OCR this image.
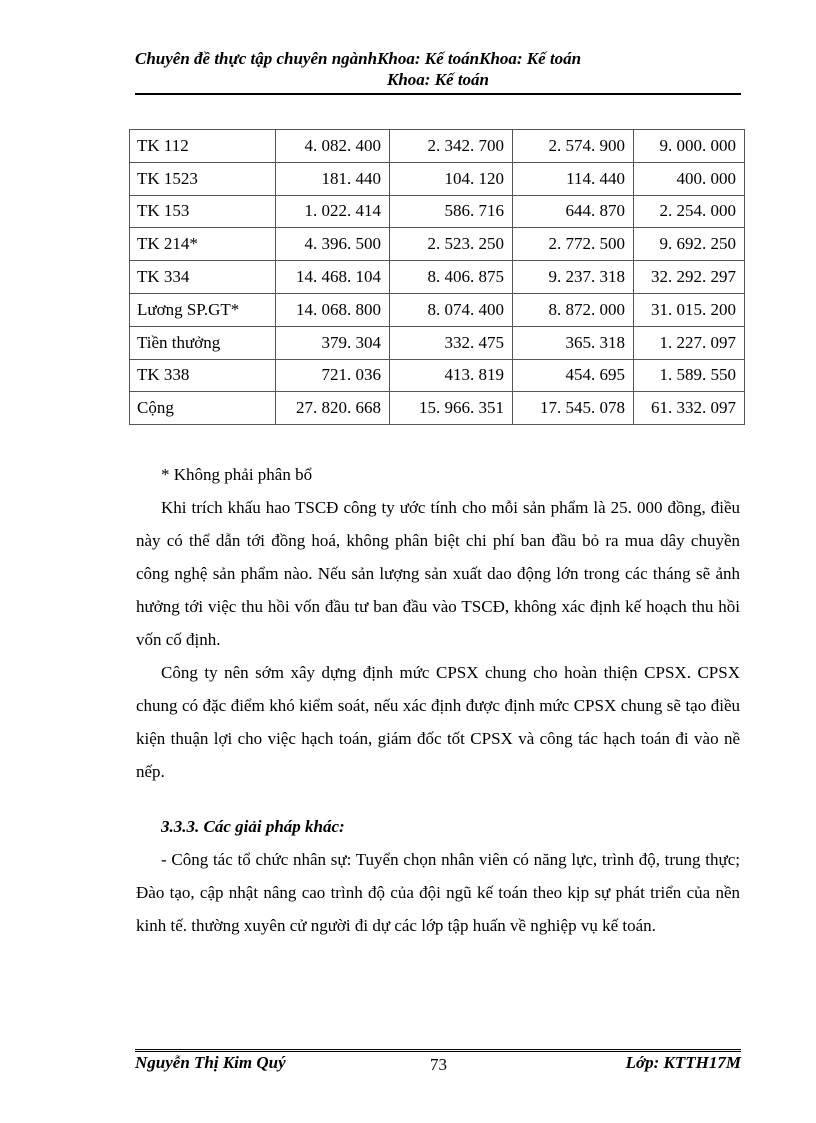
Chuyên đề thực tập chuyên ngànhKhoa: Kế toánKhoa: Kế toán
Khoa: Kế toán
TK 112	4. 082. 400	2. 342. 700	2. 574. 900	9. 000. 000
TK 1523	181. 440	104. 120	114. 440	400. 000
TK 153	1. 022. 414	586. 716	644. 870	2. 254. 000
TK 214*	4. 396. 500	2. 523. 250	2. 772. 500	9. 692. 250
TK 334	14. 468. 104	8. 406. 875	9. 237. 318	32. 292. 297
Lương SP.GT*	14. 068. 800	8. 074. 400	8. 872. 000	31. 015. 200
Tiền thưởng	379. 304	332. 475	365. 318	1. 227. 097
TK 338	721. 036	413. 819	454. 695	1. 589. 550
Cộng	27. 820. 668	15. 966. 351	17. 545. 078	61. 332. 097

* Không phải phân bổ

Khi trích khấu hao TSCĐ công ty ước tính cho mỗi sản phẩm là 25. 000 đồng, điều này có thể dẫn tới đồng hoá, không phân biệt chi phí ban đầu bỏ ra mua dây chuyền công nghệ sản phẩm nào. Nếu sản lượng sản xuất dao động lớn trong các tháng sẽ ảnh hưởng tới việc thu hồi vốn đầu tư ban đầu vào TSCĐ, không xác định kế hoạch thu hồi vốn cố định.

Công ty nên sớm xây dựng định mức CPSX chung cho hoàn thiện CPSX. CPSX chung có đặc điểm khó kiểm soát, nếu xác định được định mức CPSX chung sẽ tạo điều kiện thuận lợi cho việc hạch toán, giám đốc tốt CPSX và công tác hạch toán đi vào nề nếp.

3.3.3. Các giải pháp khác:

- Công tác tổ chức nhân sự: Tuyển chọn nhân viên có năng lực, trình độ, trung thực; Đào tạo, cập nhật nâng cao trình độ của đội ngũ kế toán theo kịp sự phát triển của nền kinh tế. thường xuyên cử người đi dự các lớp tập huấn về nghiệp vụ kế toán.

Nguyễn Thị Kim Quý	73	Lớp: KTTH17M
